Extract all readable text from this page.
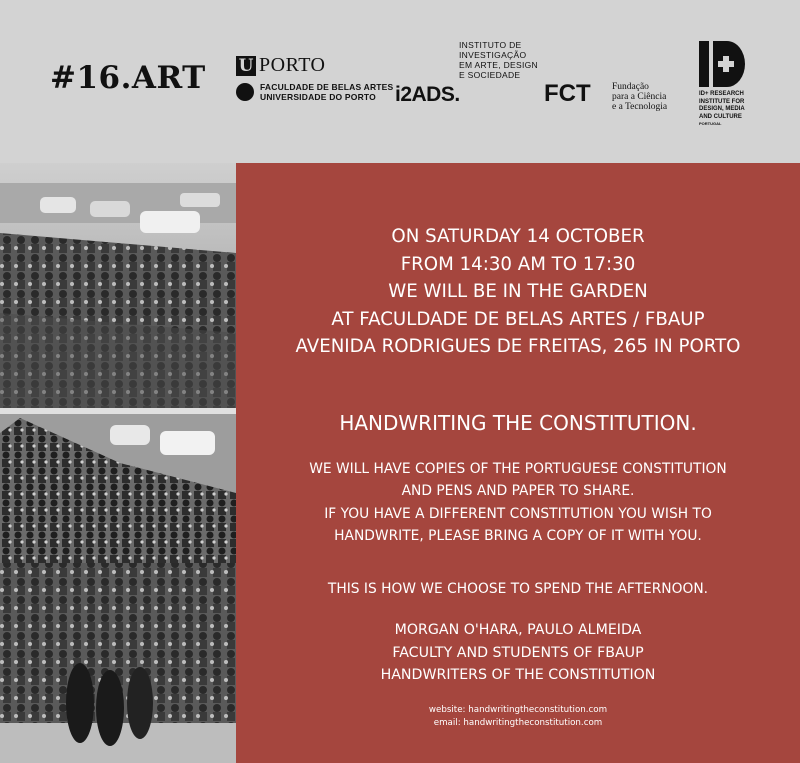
#16.ART U PORTO
FACULDADE DE BELAS ARTES
UNIVERSIDADE DO PORTO
INSTITUTO DE
INVESTIGAÇÃO
EM ARTE, DESIGN
E SOCIEDADE
i2ADS.	FCT Fundação
para a Ciência
e a Tecnologia
ID+ RESEARCH
INSTITUTE FOR
DESIGN, MEDIA
AND CULTURE
PORTUGAL
ON SATURDAY 14 OCTOBER
FROM 14:30 AM TO 17:30
WE WILL BE IN THE GARDEN
AT FACULDADE DE BELAS ARTES / FBAUP
AVENIDA RODRIGUES DE FREITAS, 265 IN PORTO
HANDWRITING THE CONSTITUTION.
WE WILL HAVE COPIES OF THE PORTUGUESE CONSTITUTION
AND PENS AND PAPER TO SHARE.
IF YOU HAVE A DIFFERENT CONSTITUTION YOU WISH TO
HANDWRITE, PLEASE BRING A COPY OF IT WITH YOU.
THIS IS HOW WE CHOOSE TO SPEND THE AFTERNOON.
MORGAN O'HARA, PAULO ALMEIDA
FACULTY AND STUDENTS OF FBAUP
HANDWRITERS OF THE CONSTITUTION
website: handwritingtheconstitution.com
email: handwritingtheconstitution.com
